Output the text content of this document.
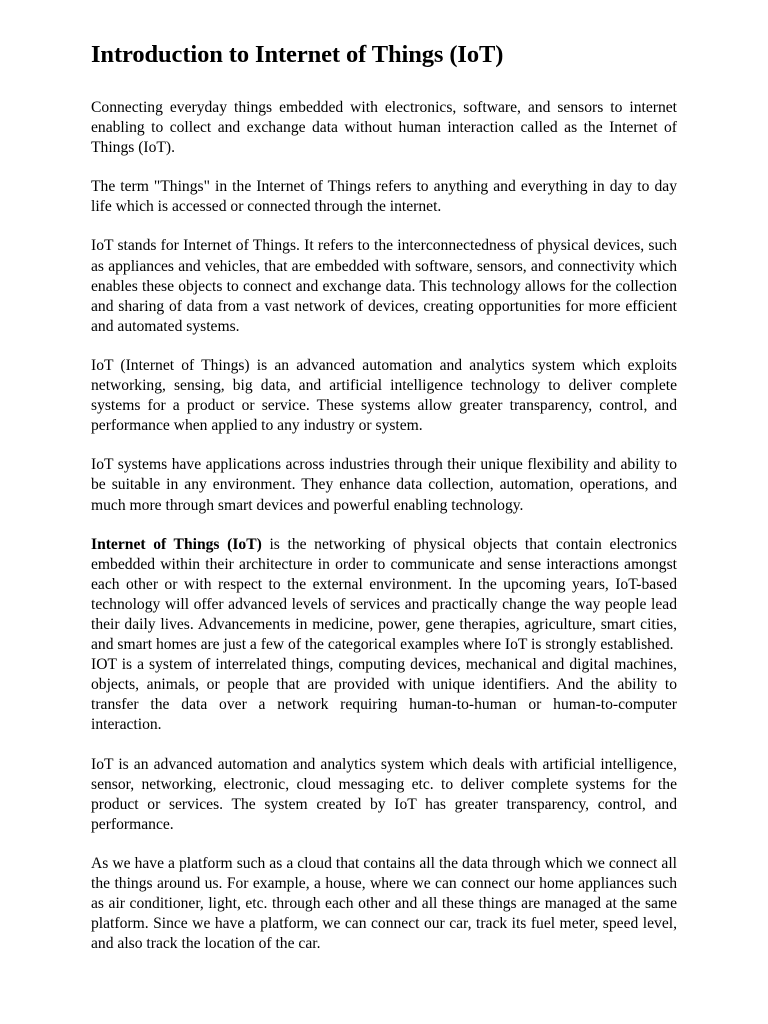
Introduction to Internet of Things (IoT)

Connecting everyday things embedded with electronics, software, and sensors to internet enabling to collect and exchange data without human interaction called as the Internet of Things (IoT).

The term "Things" in the Internet of Things refers to anything and everything in day to day life which is accessed or connected through the internet.

IoT stands for Internet of Things. It refers to the interconnectedness of physical devices, such as appliances and vehicles, that are embedded with software, sensors, and connectivity which enables these objects to connect and exchange data. This technology allows for the collection and sharing of data from a vast network of devices, creating opportunities for more efficient and automated systems.

IoT (Internet of Things) is an advanced automation and analytics system which exploits networking, sensing, big data, and artificial intelligence technology to deliver complete systems for a product or service. These systems allow greater transparency, control, and performance when applied to any industry or system.

IoT systems have applications across industries through their unique flexibility and ability to be suitable in any environment. They enhance data collection, automation, operations, and much more through smart devices and powerful enabling technology.

Internet of Things (IoT) is the networking of physical objects that contain electronics embedded within their architecture in order to communicate and sense interactions amongst each other or with respect to the external environment. In the upcoming years, IoT-based technology will offer advanced levels of services and practically change the way people lead their daily lives. Advancements in medicine, power, gene therapies, agriculture, smart cities, and smart homes are just a few of the categorical examples where IoT is strongly established.

IOT is a system of interrelated things, computing devices, mechanical and digital machines, objects, animals, or people that are provided with unique identifiers. And the ability to transfer the data over a network requiring human-to-human or human-to-computer interaction.

IoT is an advanced automation and analytics system which deals with artificial intelligence, sensor, networking, electronic, cloud messaging etc. to deliver complete systems for the product or services. The system created by IoT has greater transparency, control, and performance.

As we have a platform such as a cloud that contains all the data through which we connect all the things around us. For example, a house, where we can connect our home appliances such as air conditioner, light, etc. through each other and all these things are managed at the same platform. Since we have a platform, we can connect our car, track its fuel meter, speed level, and also track the location of the car.
